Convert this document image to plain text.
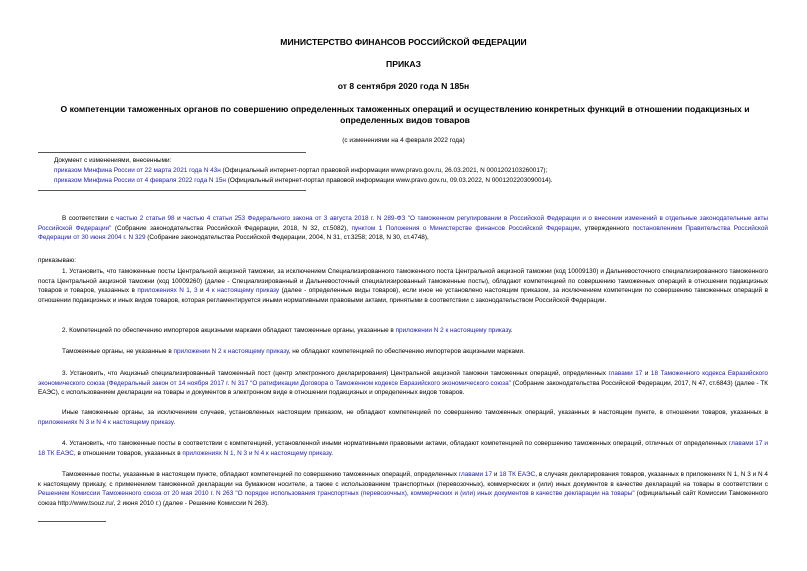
МИНИСТЕРСТВО ФИНАНСОВ РОССИЙСКОЙ ФЕДЕРАЦИИ
ПРИКАЗ
от 8 сентября 2020 года N 185н
О компетенции таможенных органов по совершению определенных таможенных операций и осуществлению конкретных функций в отношении подакцизных и определенных видов товаров
(с изменениями на 4 февраля 2022 года)
Документ с изменениями, внесенными:
приказом Минфина России от 22 марта 2021 года N 43н (Официальный интернет-портал правовой информации www.pravo.gov.ru, 26.03.2021, N 0001202103260017);
приказом Минфина России от 4 февраля 2022 года N 15н (Официальный интернет-портал правовой информации www.pravo.gov.ru, 09.03.2022, N 0001202203090014).
В соответствии с частью 2 статьи 98 и частью 4 статьи 253 Федерального закона от 3 августа 2018 г. N 289-ФЗ "О таможенном регулировании в Российской Федерации и о внесении изменений в отдельные законодательные акты Российской Федерации" (Собрание законодательства Российской Федерации, 2018, N 32, ст.5082), пунктом 1 Положения о Министерстве финансов Российской Федерации, утвержденного постановлением Правительства Российской Федерации от 30 июня 2004 г. N 329 (Собрание законодательства Российской Федерации, 2004, N 31, ст.3258; 2018, N 30, ст.4748),
приказываю:
1. Установить, что таможенные посты Центральной акцизной таможни, за исключением Специализированного таможенного поста Центральной акцизной таможни (код 10009130) и Дальневосточного специализированного таможенного поста Центральной акцизной таможни (код 10009260) (далее - Специализированный и Дальневосточный специализированный таможенные посты), обладают компетенцией по совершению таможенных операций в отношении подакцизных товаров и товаров, указанных в приложениях N 1, 3 и 4 к настоящему приказу (далее - определенные виды товаров), если иное не установлено настоящим приказом, за исключением компетенции по совершению таможенных операций в отношении подакцизных и иных видов товаров, которая регламентируется иными нормативными правовыми актами, принятыми в соответствии с законодательством Российской Федерации.
2. Компетенцией по обеспечению импортеров акцизными марками обладают таможенные органы, указанные в приложении N 2 к настоящему приказу.
Таможенные органы, не указанные в приложении N 2 к настоящему приказу, не обладают компетенцией по обеспечению импортеров акцизными марками.
3. Установить, что Акцизный специализированный таможенный пост (центр электронного декларирования) Центральной акцизной таможни таможенных операций, определенных главами 17 и 18 Таможенного кодекса Евразийского экономического союза (Федеральный закон от 14 ноября 2017 г. N 317 "О ратификации Договора о Таможенном кодексе Евразийского экономического союза" (Собрание законодательства Российской Федерации, 2017, N 47, ст.6843) (далее - ТК ЕАЭС), с использованием декларации на товары и документов в электронном виде в отношении подакцизных и определенных видов товаров.
Иные таможенные органы, за исключением случаев, установленных настоящим приказом, не обладают компетенцией по совершению таможенных операций, указанных в настоящем пункте, в отношении товаров, указанных в приложениях N 3 и N 4 к настоящему приказу.
4. Установить, что таможенные посты в соответствии с компетенцией, установленной иными нормативными правовыми актами, обладают компетенцией по совершению таможенных операций, отличных от определенных главами 17 и 18 ТК ЕАЭС, в отношении товаров, указанных в приложениях N 1, N 3 и N 4 к настоящему приказу.
Таможенные посты, указанные в настоящем пункте, обладают компетенцией по совершению таможенных операций, определенных главами 17 и 18 ТК ЕАЭС, в случаях декларирования товаров, указанных в приложениях N 1, N 3 и N 4 к настоящему приказу, с применением таможенной декларации на бумажном носителе, а также с использованием транспортных (перевозочных), коммерческих и (или) иных документов в качестве деклараций на товары в соответствии с Решением Комиссии Таможенного союза от 20 мая 2010 г. N 263 "О порядке использования транспортных (перевозочных), коммерческих и (или) иных документов в качестве декларации на товары" (официальный сайт Комиссии Таможенного союза http://www.tsouz.ru/, 2 июня 2010 г.) (далее - Решение Комиссии N 263).
